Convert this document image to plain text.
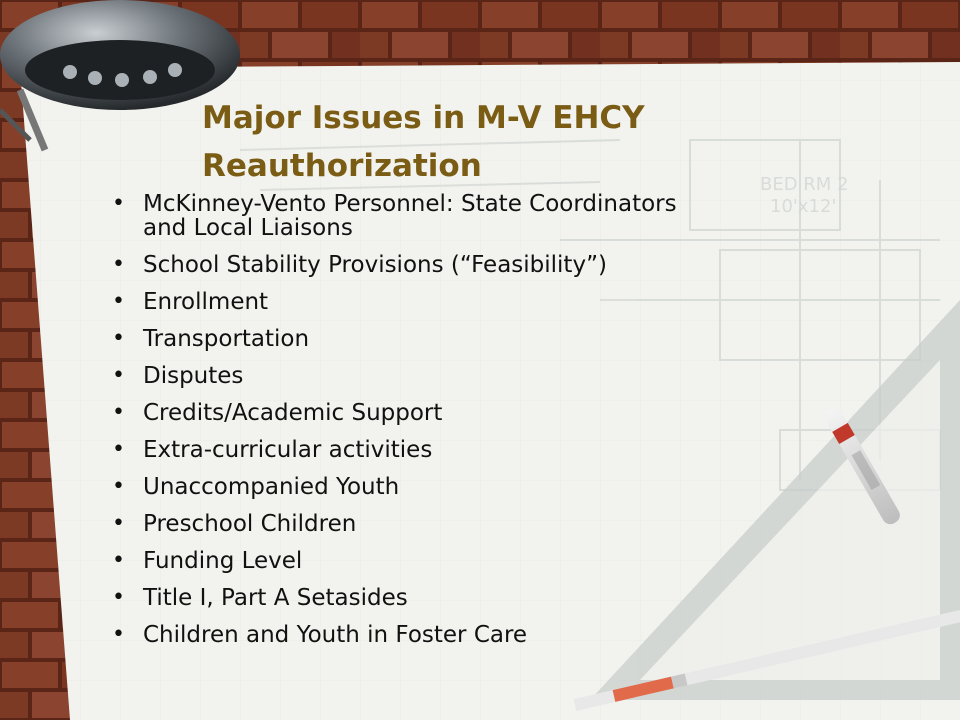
BED RM 2
10'x12'
Major Issues in M-V EHCY
Reauthorization
• McKinney-Vento Personnel: State Coordinators
and Local Liaisons
• School Stability Provisions (“Feasibility”)
• Enrollment
• Transportation
• Disputes
• Credits/Academic Support
• Extra-curricular activities
• Unaccompanied Youth
• Preschool Children
• Funding Level
• Title I, Part A Setasides
• Children and Youth in Foster Care
